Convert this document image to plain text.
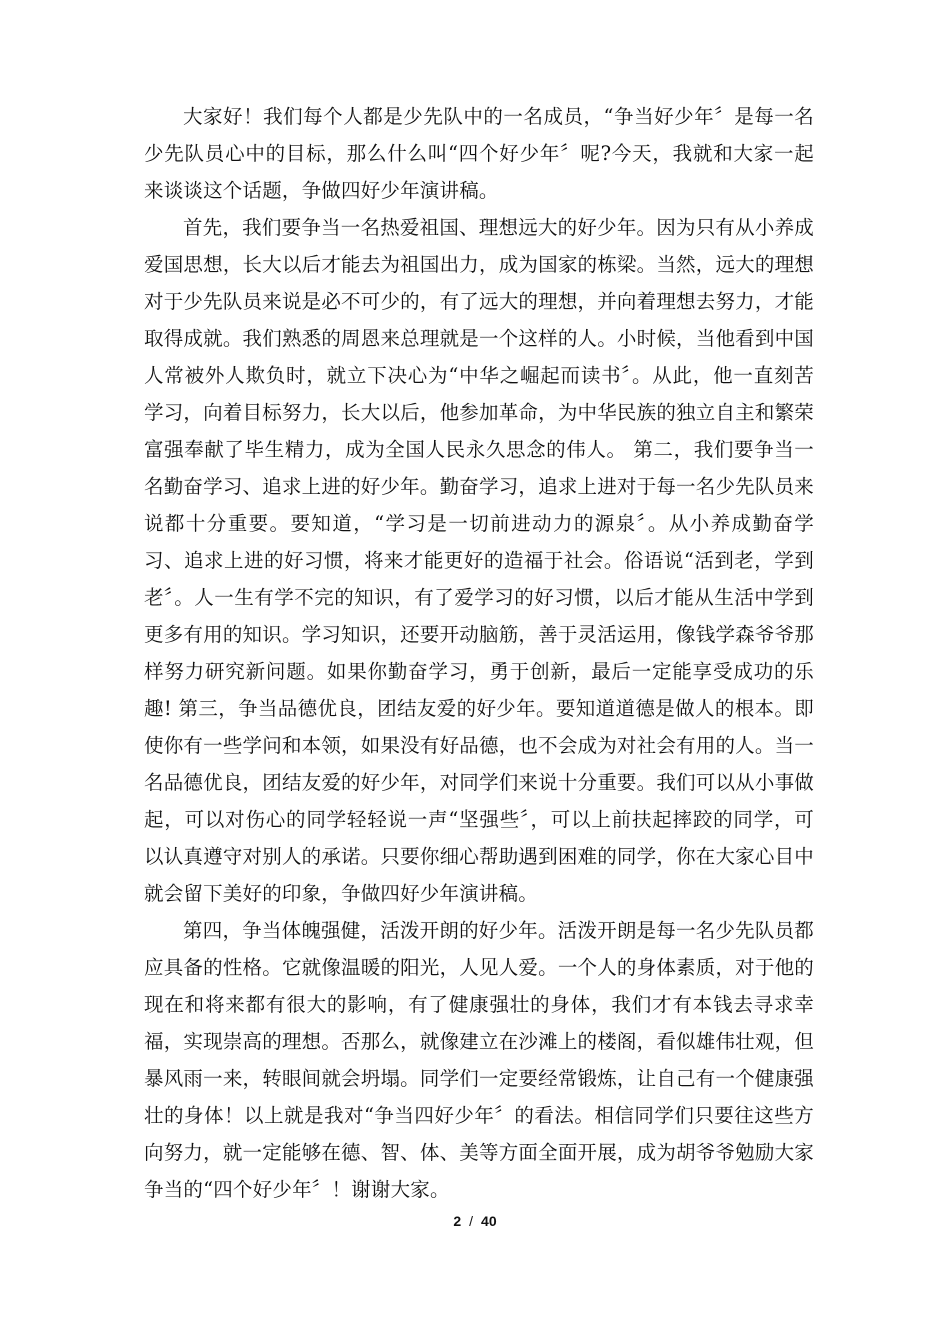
大家好！我们每个人都是少先队中的一名成员，“争当好少年〞是每一名少先队员心中的目标，那么什么叫“四个好少年〞呢?今天，我就和大家一起来谈谈这个话题，争做四好少年演讲稿。

首先，我们要争当一名热爱祖国、理想远大的好少年。因为只有从小养成爱国思想，长大以后才能去为祖国出力，成为国家的栋梁。当然，远大的理想对于少先队员来说是必不可少的，有了远大的理想，并向着理想去努力，才能取得成就。我们熟悉的周恩来总理就是一个这样的人。小时候，当他看到中国人常被外人欺负时，就立下决心为“中华之崛起而读书〞。从此，他一直刻苦学习，向着目标努力，长大以后，他参加革命，为中华民族的独立自主和繁荣富强奉献了毕生精力，成为全国人民永久思念的伟人。 第二，我们要争当一名勤奋学习、追求上进的好少年。勤奋学习，追求上进对于每一名少先队员来说都十分重要。要知道，“学习是一切前进动力的源泉〞。从小养成勤奋学习、追求上进的好习惯，将来才能更好的造福于社会。俗语说“活到老，学到老〞。人一生有学不完的知识，有了爱学习的好习惯，以后才能从生活中学到更多有用的知识。学习知识，还要开动脑筋，善于灵活运用，像钱学森爷爷那样努力研究新问题。如果你勤奋学习，勇于创新，最后一定能享受成功的乐趣! 第三，争当品德优良，团结友爱的好少年。要知道道德是做人的根本。即使你有一些学问和本领，如果没有好品德，也不会成为对社会有用的人。当一名品德优良，团结友爱的好少年，对同学们来说十分重要。我们可以从小事做起，可以对伤心的同学轻轻说一声“坚强些〞，可以上前扶起摔跤的同学，可以认真遵守对别人的承诺。只要你细心帮助遇到困难的同学，你在大家心目中就会留下美好的印象，争做四好少年演讲稿。

第四，争当体魄强健，活泼开朗的好少年。活泼开朗是每一名少先队员都应具备的性格。它就像温暖的阳光，人见人爱。一个人的身体素质，对于他的现在和将来都有很大的影响，有了健康强壮的身体，我们才有本钱去寻求幸福，实现崇高的理想。否那么，就像建立在沙滩上的楼阁，看似雄伟壮观，但暴风雨一来，转眼间就会坍塌。同学们一定要经常锻炼，让自己有一个健康强壮的身体！以上就是我对“争当四好少年〞的看法。相信同学们只要往这些方向努力，就一定能够在德、智、体、美等方面全面开展，成为胡爷爷勉励大家争当的“四个好少年〞！谢谢大家。

2 / 40
